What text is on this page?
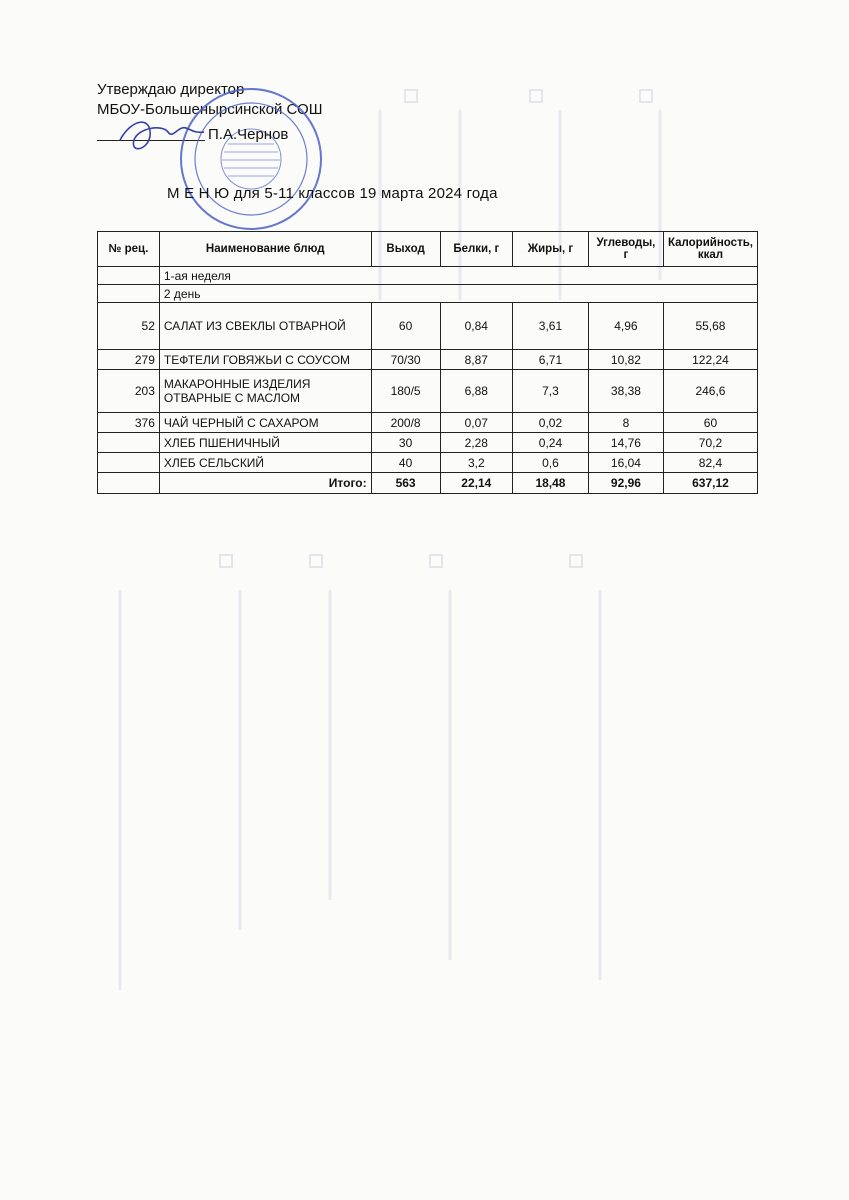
Утверждаю директор
МБОУ-Большенырсинской СОШ
П.А.Чернов
М Е Н Ю для 5-11 классов 19 марта 2024 года
№ рец.	Наименование блюд	Выход	Белки, г	Жиры, г	Углеводы, г	Калорийность, ккал
	1-ая неделя					
	2 день					
52	САЛАТ ИЗ СВЕКЛЫ ОТВАРНОЙ	60	0,84	3,61	4,96	55,68
279	ТЕФТЕЛИ ГОВЯЖЬИ С СОУСОМ	70/30	8,87	6,71	10,82	122,24
203	МАКАРОННЫЕ ИЗДЕЛИЯ ОТВАРНЫЕ С МАСЛОМ	180/5	6,88	7,3	38,38	246,6
376	ЧАЙ ЧЕРНЫЙ С САХАРОМ	200/8	0,07	0,02	8	60
	ХЛЕБ ПШЕНИЧНЫЙ	30	2,28	0,24	14,76	70,2
	ХЛЕБ СЕЛЬСКИЙ	40	3,2	0,6	16,04	82,4
	Итого:	563	22,14	18,48	92,96	637,12
